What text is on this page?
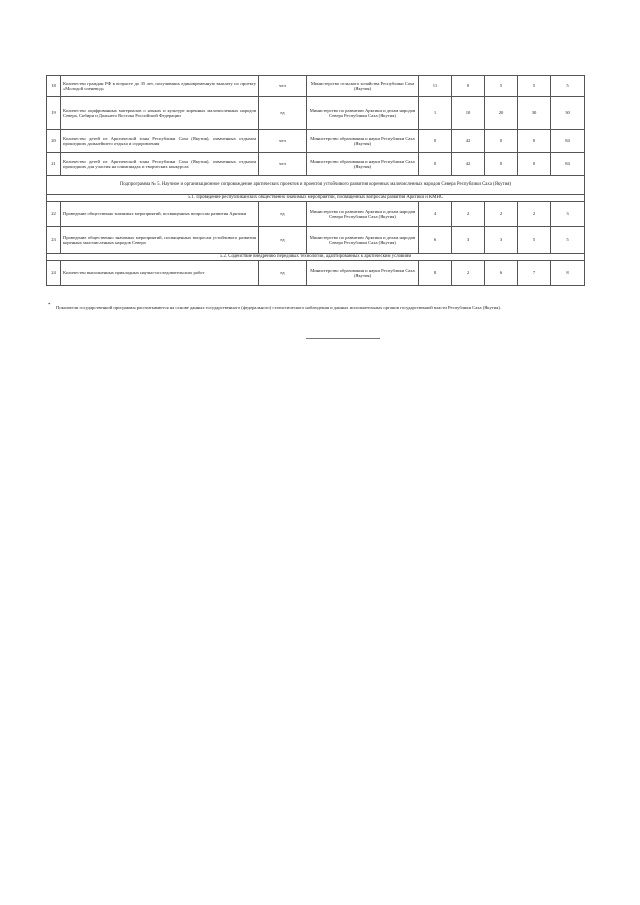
18	Количество граждан РФ в возрасте до 35 лет, получивших единовременную выплату по проекту «Молодой оленевод»	чел	Министерство сельского хозяйства Республики Саха (Якутия)	11	0	5	5	5
19	Количество оцифрованных материалов о языках и культуре коренных малочисленных народов Севера, Сибири и Дальнего Востока Российской Федерации	ед	Министерство по развитию Арктики и делам народов Севера Республики Саха (Якутия)	1	10	20	30	30
20	Количество детей из Арктической зоны Республики Саха (Якутия), охваченных отдыхом прошедших дальнейшего отдыха и оздоровления	чел	Министерство образования и науки Республики Саха (Якутия)	0	42	0	0	84
21	Количество детей из Арктической зоны Республики Саха (Якутия), охваченных отдыхом прошедших для участия на олимпиадах и творческих конкурсах	чел	Министерство образования и науки Республики Саха (Якутия)	0	42	0	0	84
Подпрограмма № 5. Научное и организационное сопровождение арктических проектов и проектов устойчивого развития коренных малочисленных народов Севера Республики Саха (Якутия)								
5.1. Проведение республиканских общественно значимых мероприятий, посвященных вопросам развития Арктики и КМНС								
22	Проведение общественно значимых мероприятий, посвященных вопросам развития Арктики	ед	Министерство по развитию Арктики и делам народов Севера Республики Саха (Якутия)	4	2	2	2	3
23	Проведение общественно значимых мероприятий, посвященных вопросам устойчивого развития коренных малочисленных народов Севера	ед	Министерство по развитию Арктики и делам народов Севера Республики Саха (Якутия)	6	3	3	5	5
5.2. Содействие внедрению передовых технологий, адаптированных к арктическим условиям								
24	Количество выполненных прикладных научно-исследовательских работ	ед	Министерство образования и науки Республики Саха (Якутия)	8	2	6	7	8
* Показатели государственной программы рассчитываются на основе данных государственного (федерального) статистического наблюдения и данных исполнительных органов государственной власти Республики Саха (Якутия).
